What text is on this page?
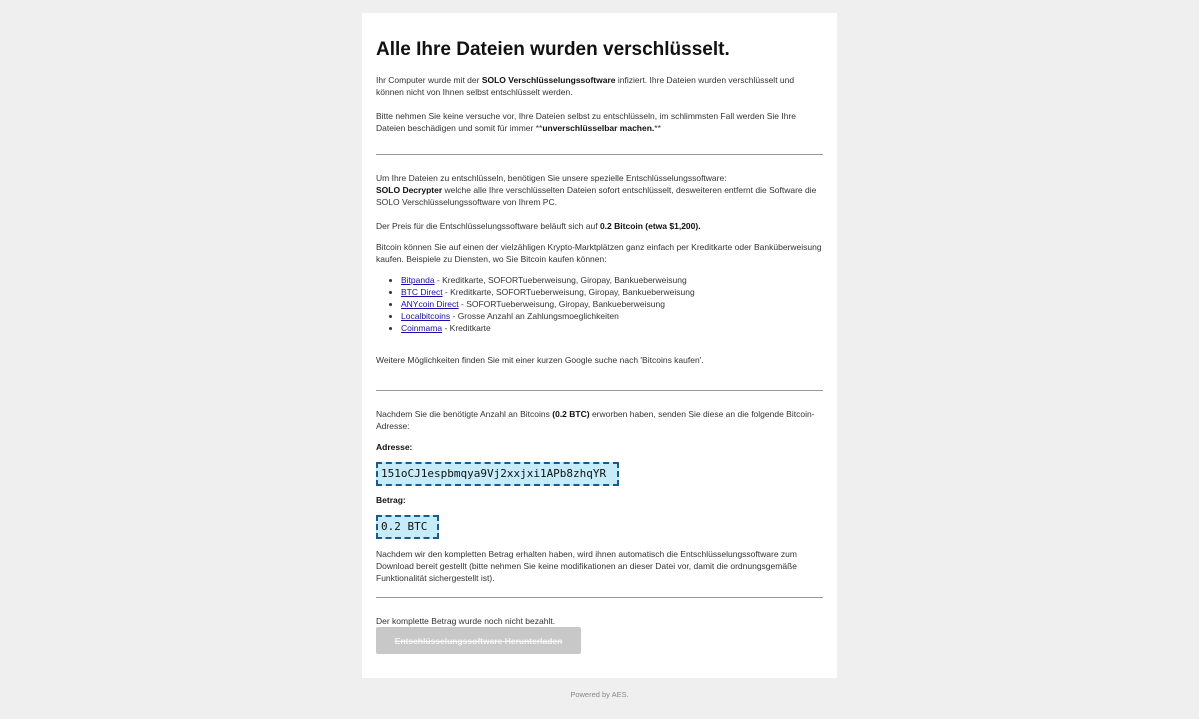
Alle Ihre Dateien wurden verschlüsselt.
Ihr Computer wurde mit der SOLO Verschlüsselungssoftware infiziert. Ihre Dateien wurden verschlüsselt und können nicht von Ihnen selbst entschlüsselt werden.
Bitte nehmen Sie keine versuche vor, Ihre Dateien selbst zu entschlüsseln, im schlimmsten Fall werden Sie Ihre Dateien beschädigen und somit für immer **unverschlüsselbar machen.**
Um Ihre Dateien zu entschlüsseln, benötigen Sie unsere spezielle Entschlüsselungssoftware:
SOLO Decrypter welche alle Ihre verschlüsselten Dateien sofort entschlüsselt, desweiteren entfernt die Software die SOLO Verschlüsselungssoftware von Ihrem PC.
Der Preis für die Entschlüsselungssoftware beläuft sich auf 0.2 Bitcoin (etwa $1,200).
Bitcoin können Sie auf einen der vielzähligen Krypto-Marktplätzen ganz einfach per Kreditkarte oder Banküberweisung kaufen. Beispiele zu Diensten, wo Sie Bitcoin kaufen können:
• Bitpanda - Kreditkarte, SOFORTueberweisung, Giropay, Bankueberweisung
• BTC Direct - Kreditkarte, SOFORTueberweisung, Giropay, Bankueberweisung
• ANYcoin Direct - SOFORTueberweisung, Giropay, Bankueberweisung
• Localbitcoins - Grosse Anzahl an Zahlungsmoeglichkeiten
• Coinmama - Kreditkarte
Weitere Möglichkeiten finden Sie mit einer kurzen Google suche nach 'Bitcoins kaufen'.
Nachdem Sie die benötigte Anzahl an Bitcoins (0.2 BTC) erworben haben, senden Sie diese an die folgende Bitcoin-Adresse:
Adresse:
151oCJ1espbmqya9Vj2xxjxi1APb8zhqYR
Betrag:
0.2 BTC
Nachdem wir den kompletten Betrag erhalten haben, wird ihnen automatisch die Entschlüsselungssoftware zum Download bereit gestellt (bitte nehmen Sie keine modifikationen an dieser Datei vor, damit die ordnungsgemäße Funktionalität sichergestellt ist).
Der komplette Betrag wurde noch nicht bezahlt.
Entschlüsselungssoftware Herunterladen
Powered by AES.
